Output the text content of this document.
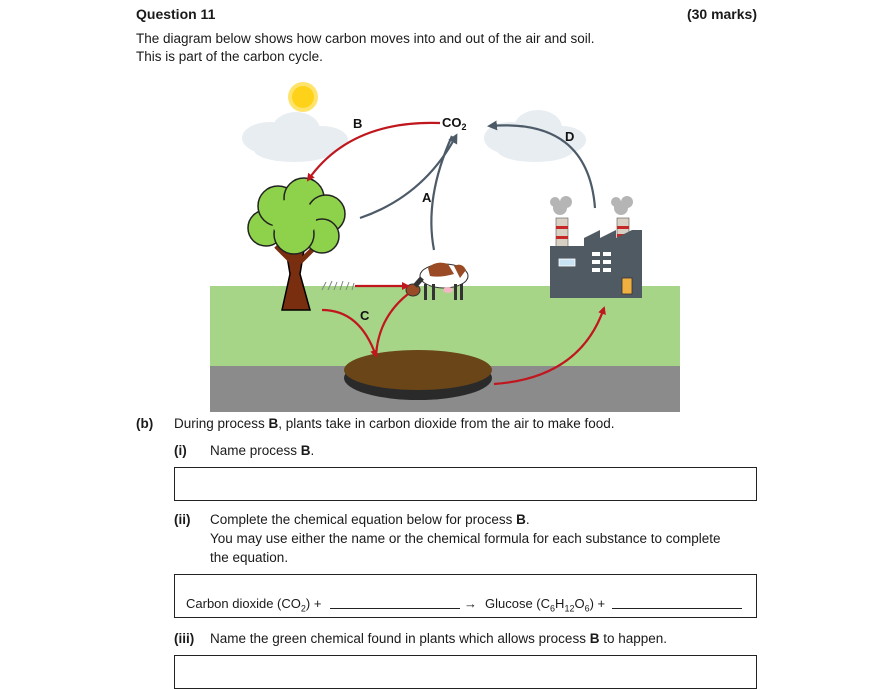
Question 11	(30 marks)
The diagram below shows how carbon moves into and out of the air and soil.
This is part of the carbon cycle.
$CO_2$
B
D
A
C
(b) During process B, plants take in carbon dioxide from the air to make food.
(i) Name process B.
(ii) Complete the chemical equation below for process B.
You may use either the name or the chemical formula for each substance to complete
the equation.
Carbon dioxide $(CO_2)$ +	→ Glucose $(C_6H_{12}O_6)$ +
(iii) Name the green chemical found in plants which allows process B to happen.
